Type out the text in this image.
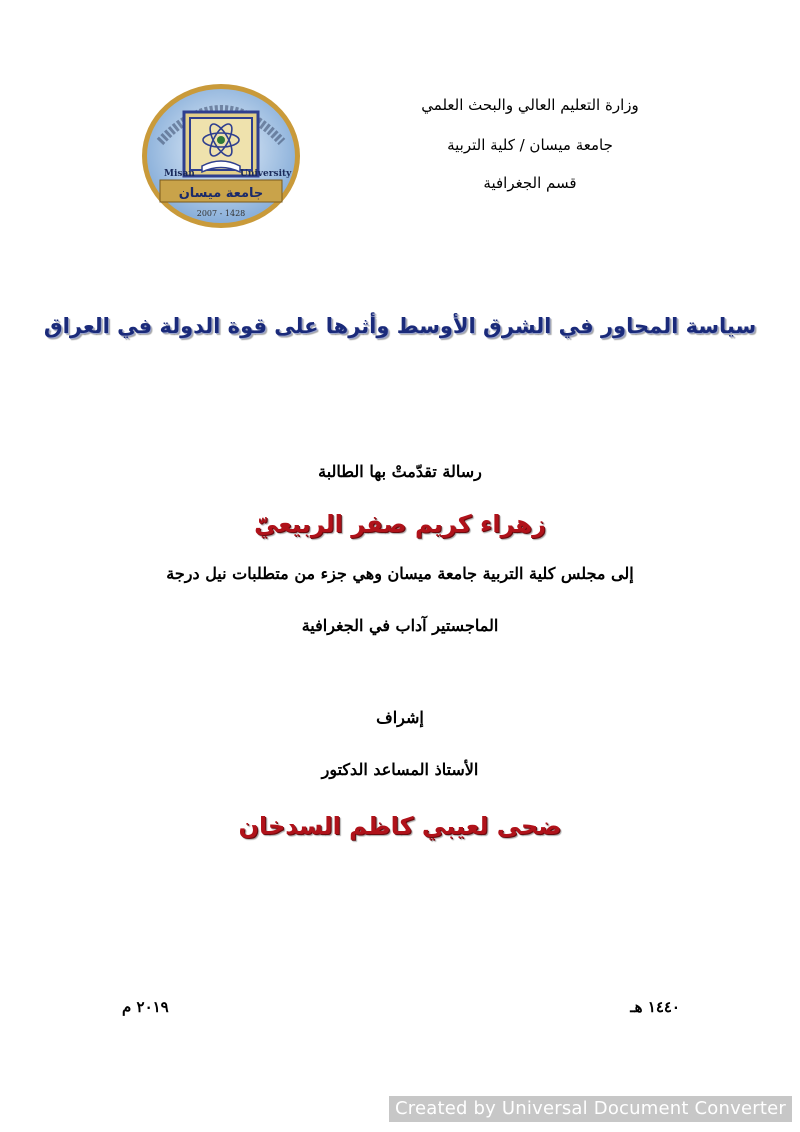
وزارة التعليم العالي والبحث العلمي
جامعة ميسان / كلية التربية
قسم الجغرافية
Misan	University
جامعة ميسان
2007 - 1428
سياسة المحاور في الشرق الأوسط وأثرها على قوة الدولة في العراق
رسالة تقدّمتْ بها الطالبة
زهراء كريم صفر الربيعيّ
إلى مجلس كلية التربية جامعة ميسان وهي جزء من متطلبات نيل درجة
الماجستير آداب في الجغرافية
إشراف
الأستاذ المساعد الدكتور
ضحى لعيبي كاظم السدخان
١٤٤٠ هـ
٢٠١٩ م
Created by Universal Document Converter
